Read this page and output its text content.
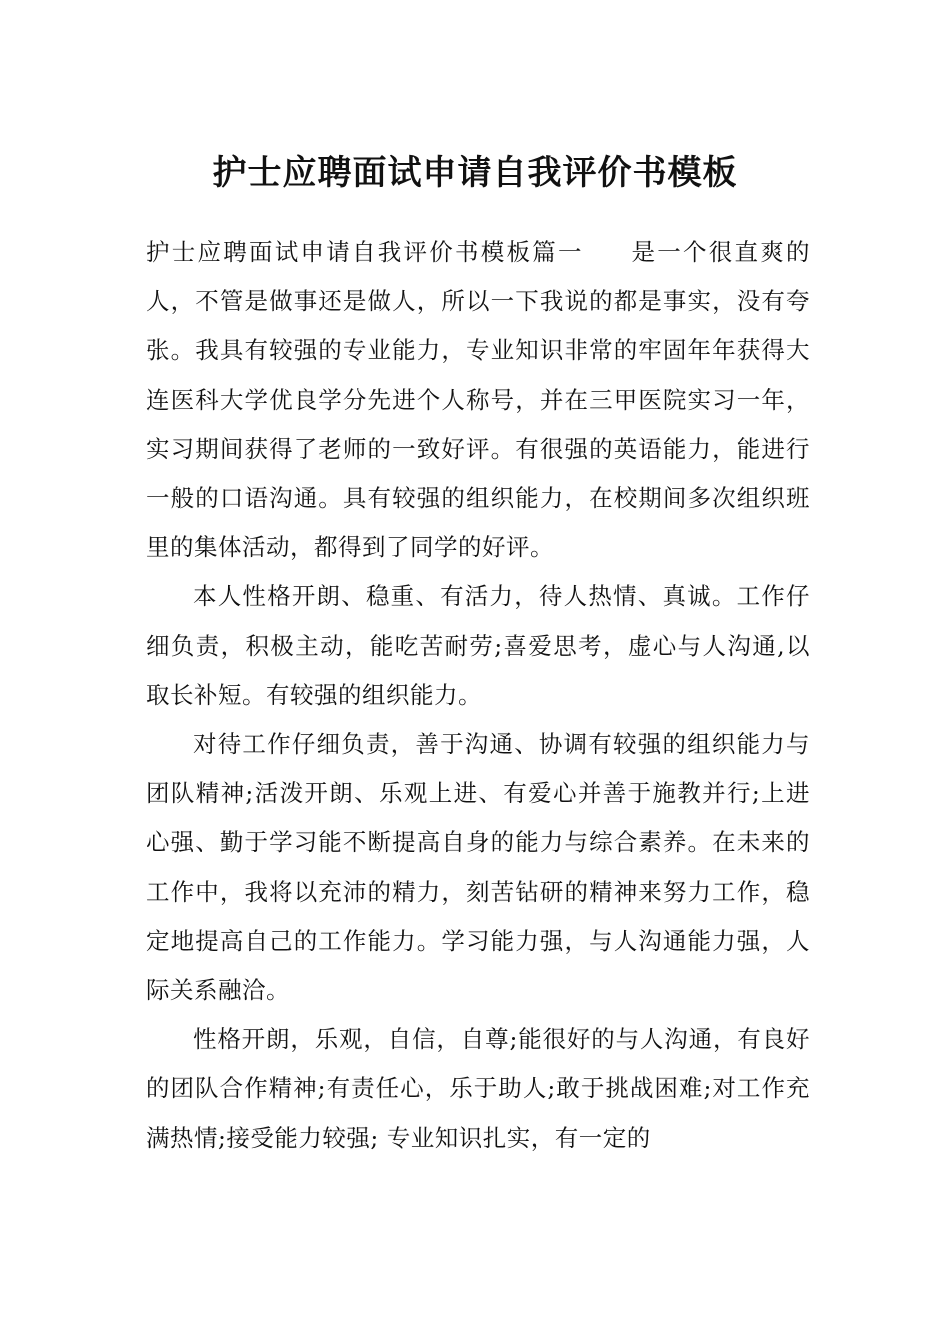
护士应聘面试申请自我评价书模板

护士应聘面试申请自我评价书模板篇一 是一个很直爽的人，不管是做事还是做人，所以一下我说的都是事实，没有夸张。我具有较强的专业能力，专业知识非常的牢固年年获得大连医科大学优良学分先进个人称号，并在三甲医院实习一年，实习期间获得了老师的一致好评。有很强的英语能力，能进行一般的口语沟通。具有较强的组织能力，在校期间多次组织班里的集体活动，都得到了同学的好评。

本人性格开朗、稳重、有活力，待人热情、真诚。工作仔细负责，积极主动，能吃苦耐劳;喜爱思考，虚心与人沟通,以取长补短。有较强的组织能力。

对待工作仔细负责，善于沟通、协调有较强的组织能力与团队精神;活泼开朗、乐观上进、有爱心并善于施教并行;上进心强、勤于学习能不断提高自身的能力与综合素养。在未来的工作中，我将以充沛的精力，刻苦钻研的精神来努力工作，稳定地提高自己的工作能力。学习能力强，与人沟通能力强，人际关系融洽。

性格开朗，乐观，自信，自尊;能很好的与人沟通，有良好的团队合作精神;有责任心，乐于助人;敢于挑战困难;对工作充满热情;接受能力较强; 专业知识扎实，有一定的
